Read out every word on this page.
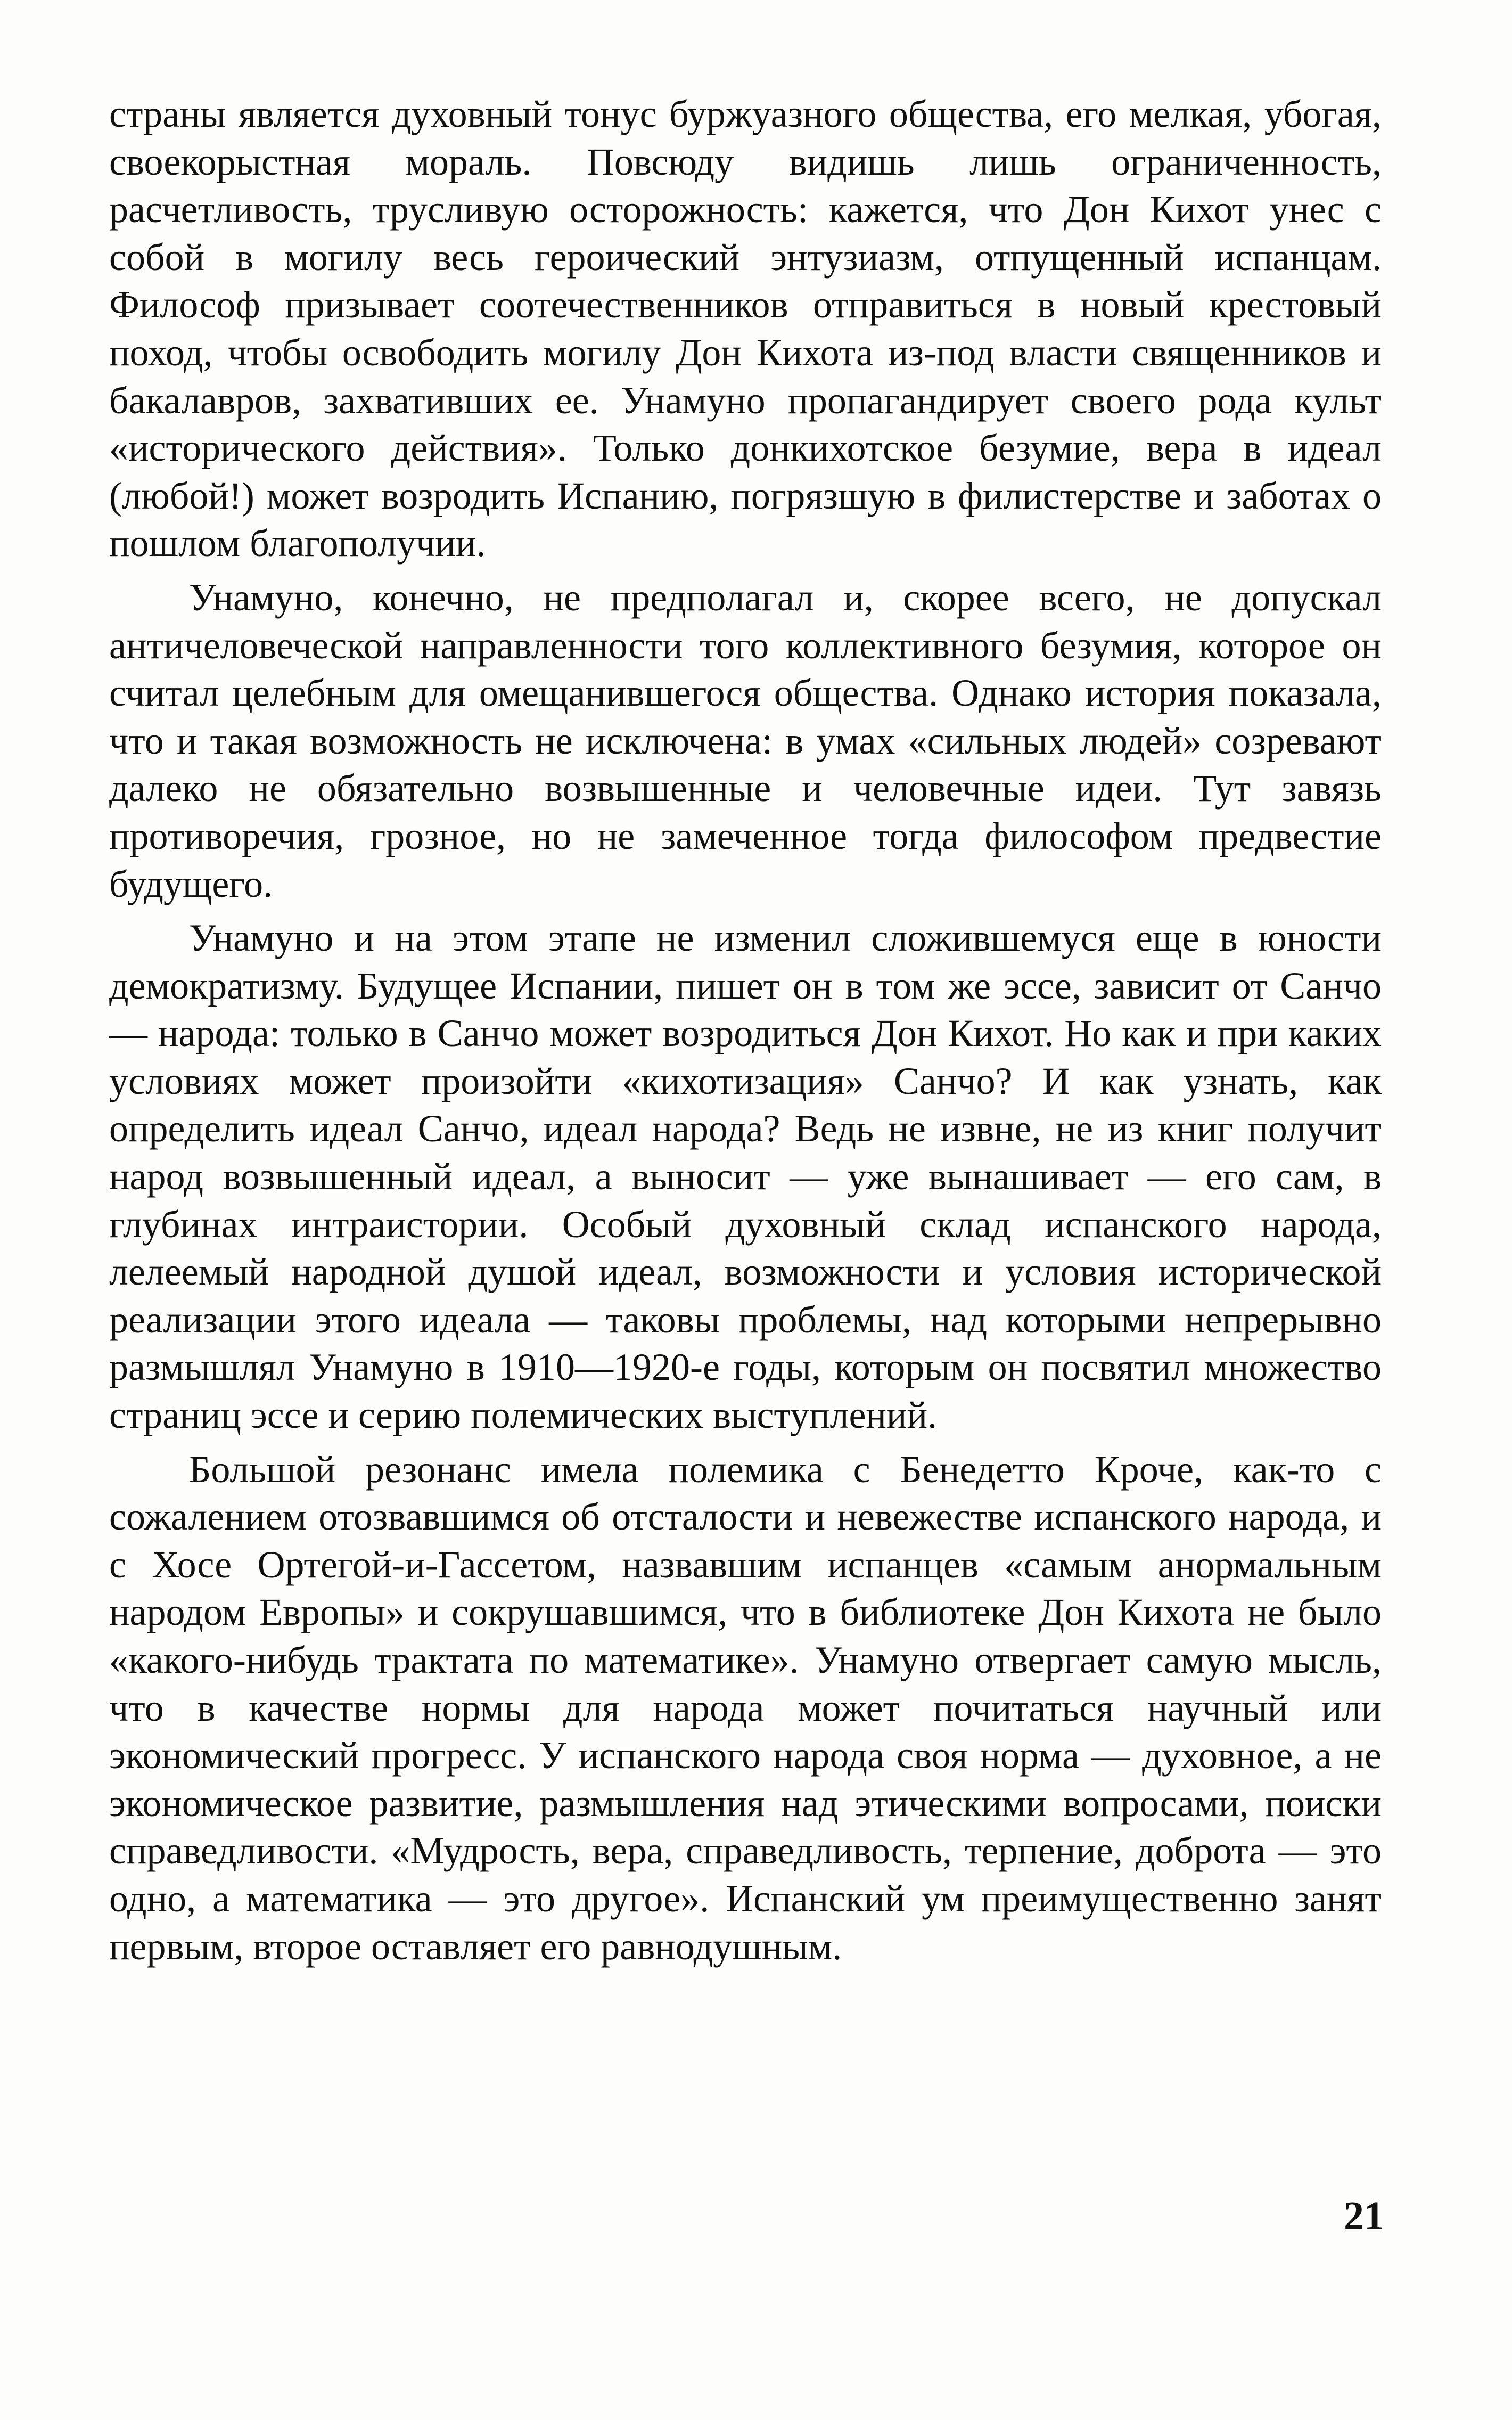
страны является духовный тонус буржуазного общества, его мелкая, убогая, своекорыстная мораль. Повсюду видишь лишь ограниченность, расчетливость, трусливую осторожность: кажется, что Дон Кихот унес с собой в могилу весь героический энтузиазм, отпущенный испанцам. Философ призывает соотечественников отправиться в новый крестовый поход, чтобы освободить могилу Дон Кихота из-под власти священников и бакалавров, захвативших ее. Унамуно пропагандирует своего рода культ «исторического действия». Только донкихотское безумие, вера в идеал (любой!) может возродить Испанию, погрязшую в филистерстве и заботах о пошлом благополучии.

Унамуно, конечно, не предполагал и, скорее всего, не допускал античеловеческой направленности того коллективного безумия, которое он считал целебным для омещанившегося общества. Однако история показала, что и такая возможность не исключена: в умах «сильных людей» созревают далеко не обязательно возвышенные и человечные идеи. Тут завязь противоречия, грозное, но не замеченное тогда философом предвестие будущего.

Унамуно и на этом этапе не изменил сложившемуся еще в юности демократизму. Будущее Испании, пишет он в том же эссе, зависит от Санчо — народа: только в Санчо может возродиться Дон Кихот. Но как и при каких условиях может произойти «кихотизация» Санчо? И как узнать, как определить идеал Санчо, идеал народа? Ведь не извне, не из книг получит народ возвышенный идеал, а выносит — уже вынашивает — его сам, в глубинах интраистории. Особый духовный склад испанского народа, лелеемый народной душой идеал, возможности и условия исторической реализации этого идеала — таковы проблемы, над которыми непрерывно размышлял Унамуно в 1910—1920-е годы, которым он посвятил множество страниц эссе и серию полемических выступлений.

Большой резонанс имела полемика с Бенедетто Кроче, как-то с сожалением отозвавшимся об отсталости и невежестве испанского народа, и с Хосе Ортегой-и-Гассетом, назвавшим испанцев «самым анормальным народом Европы» и сокрушавшимся, что в библиотеке Дон Кихота не было «какого-нибудь трактата по математике». Унамуно отвергает самую мысль, что в качестве нормы для народа может почитаться научный или экономический прогресс. У испанского народа своя норма — духовное, а не экономическое развитие, размышления над этическими вопросами, поиски справедливости. «Мудрость, вера, справедливость, терпение, доброта — это одно, а математика — это другое». Испанский ум преимущественно занят первым, второе оставляет его равнодушным.

21
